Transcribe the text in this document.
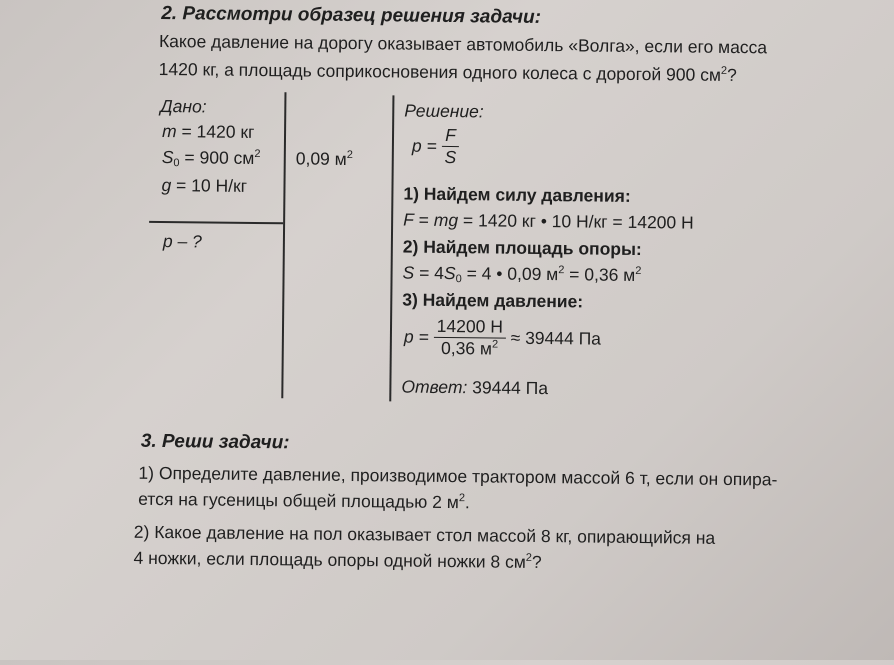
2. Рассмотри образец решения задачи:
Какое давление на дорогу оказывает автомобиль «Волга», если его масса
1420 кг, а площадь соприкосновения одного колеса с дорогой 900 $см^2$?
Дано:
m = 1420 кг
$S_0 = 900$ $см^2$
g = 10 Н/кг
p – ?
0,09 $м^2$
Решение:
$p = \frac{F}{S}$
1) Найдем силу давления:
F = mg = 1420 кг • 10 Н/кг = 14200 Н
2) Найдем площадь опоры:
$S = 4S_0 = 4$ • 0,09 $м^2 = 0,36$ $м^2$
3) Найдем давление:
$p = \frac{14200 Н}{0,36 м^2} \approx 39444$ Па
Ответ: 39444 Па
3. Реши задачи:
1) Определите давление, производимое трактором массой 6 т, если он опира-
ется на гусеницы общей площадью 2 $м^2$.
2) Какое давление на пол оказывает стол массой 8 кг, опирающийся на
4 ножки, если площадь опоры одной ножки 8 $см^2$?
